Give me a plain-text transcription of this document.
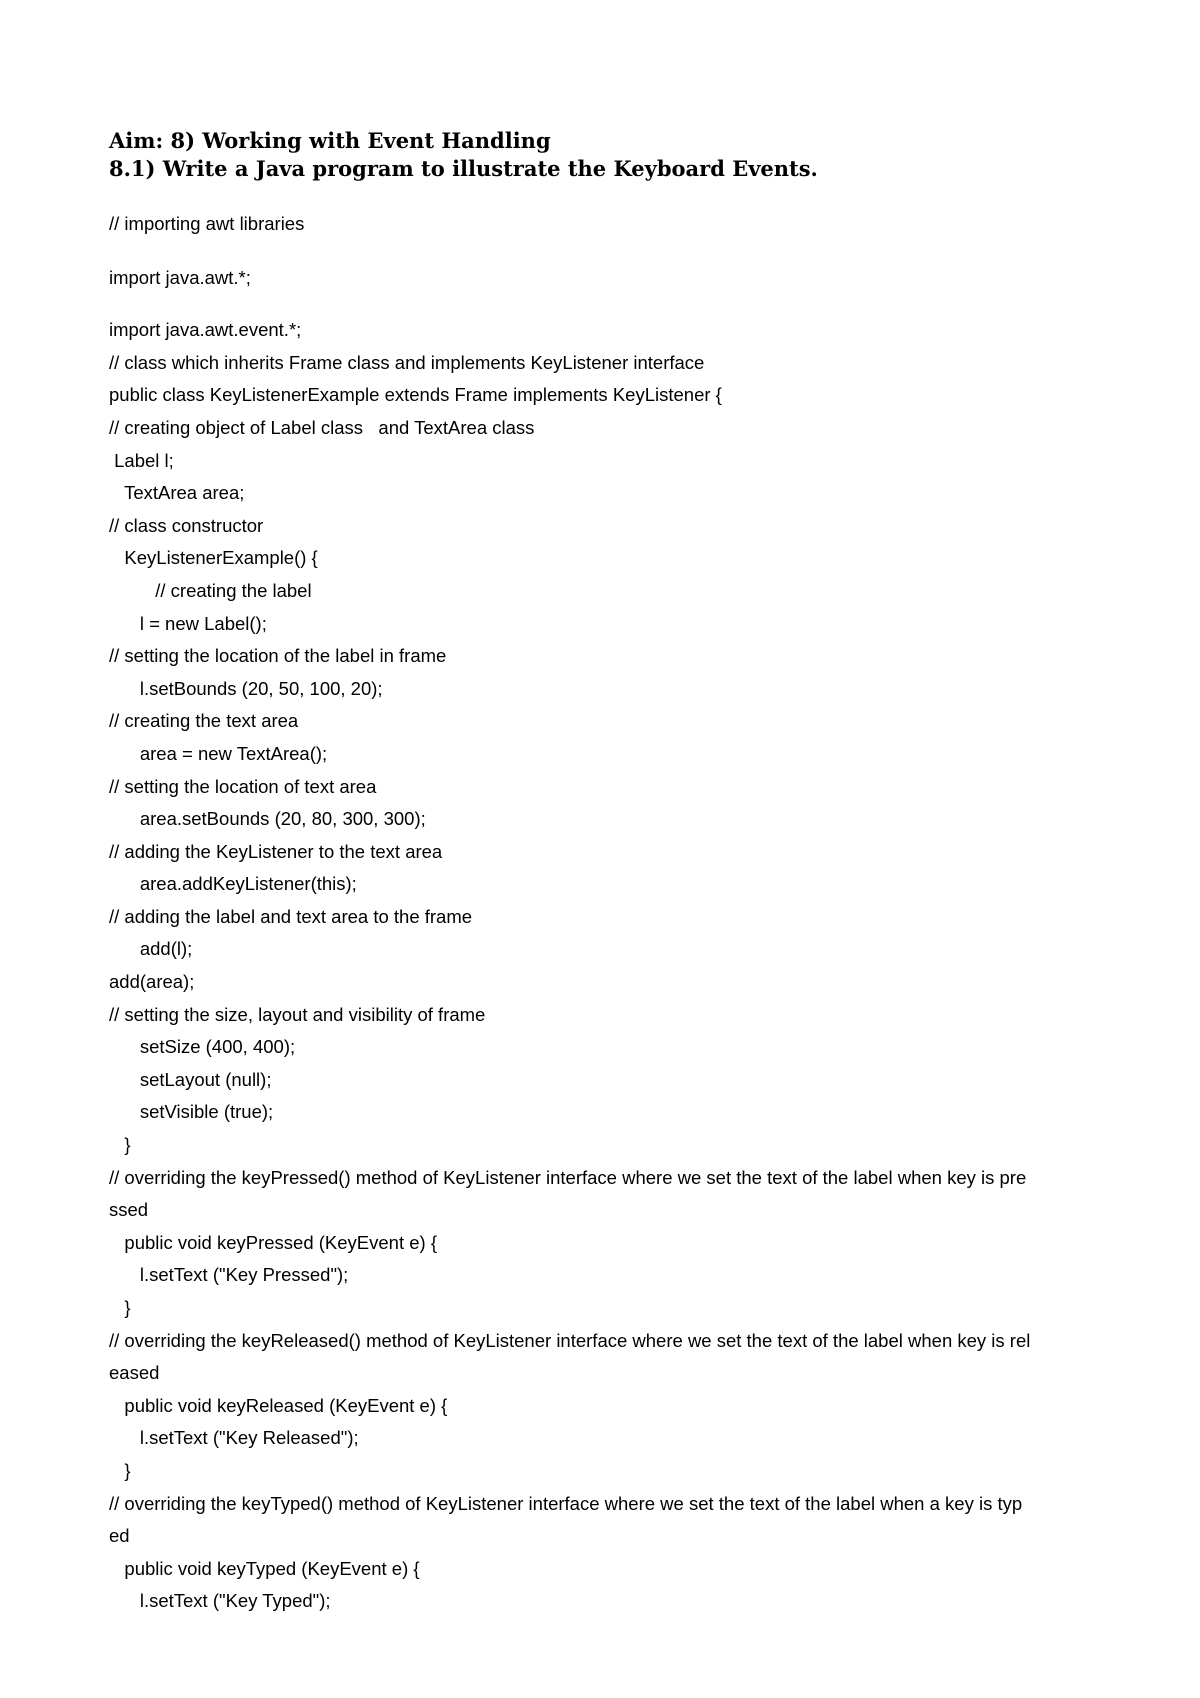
Aim: 8) Working with Event Handling
8.1) Write a Java program to illustrate the Keyboard Events.
// importing awt libraries
import java.awt.*;
import java.awt.event.*;
// class which inherits Frame class and implements KeyListener interface
public class KeyListenerExample extends Frame implements KeyListener {
// creating object of Label class   and TextArea class
Label l;
TextArea area;
// class constructor
KeyListenerExample() {
// creating the label
l = new Label();
// setting the location of the label in frame
l.setBounds (20, 50, 100, 20);
// creating the text area
area = new TextArea();
// setting the location of text area
area.setBounds (20, 80, 300, 300);
// adding the KeyListener to the text area
area.addKeyListener(this);
// adding the label and text area to the frame
add(l);
add(area);
// setting the size, layout and visibility of frame
setSize (400, 400);
setLayout (null);
setVisible (true);
}
// overriding the keyPressed() method of KeyListener interface where we set the text of the label when key is pre
ssed
public void keyPressed (KeyEvent e) {
l.setText ("Key Pressed");
}
// overriding the keyReleased() method of KeyListener interface where we set the text of the label when key is rel
eased
public void keyReleased (KeyEvent e) {
l.setText ("Key Released");
}
// overriding the keyTyped() method of KeyListener interface where we set the text of the label when a key is typ
ed
public void keyTyped (KeyEvent e) {
l.setText ("Key Typed");
